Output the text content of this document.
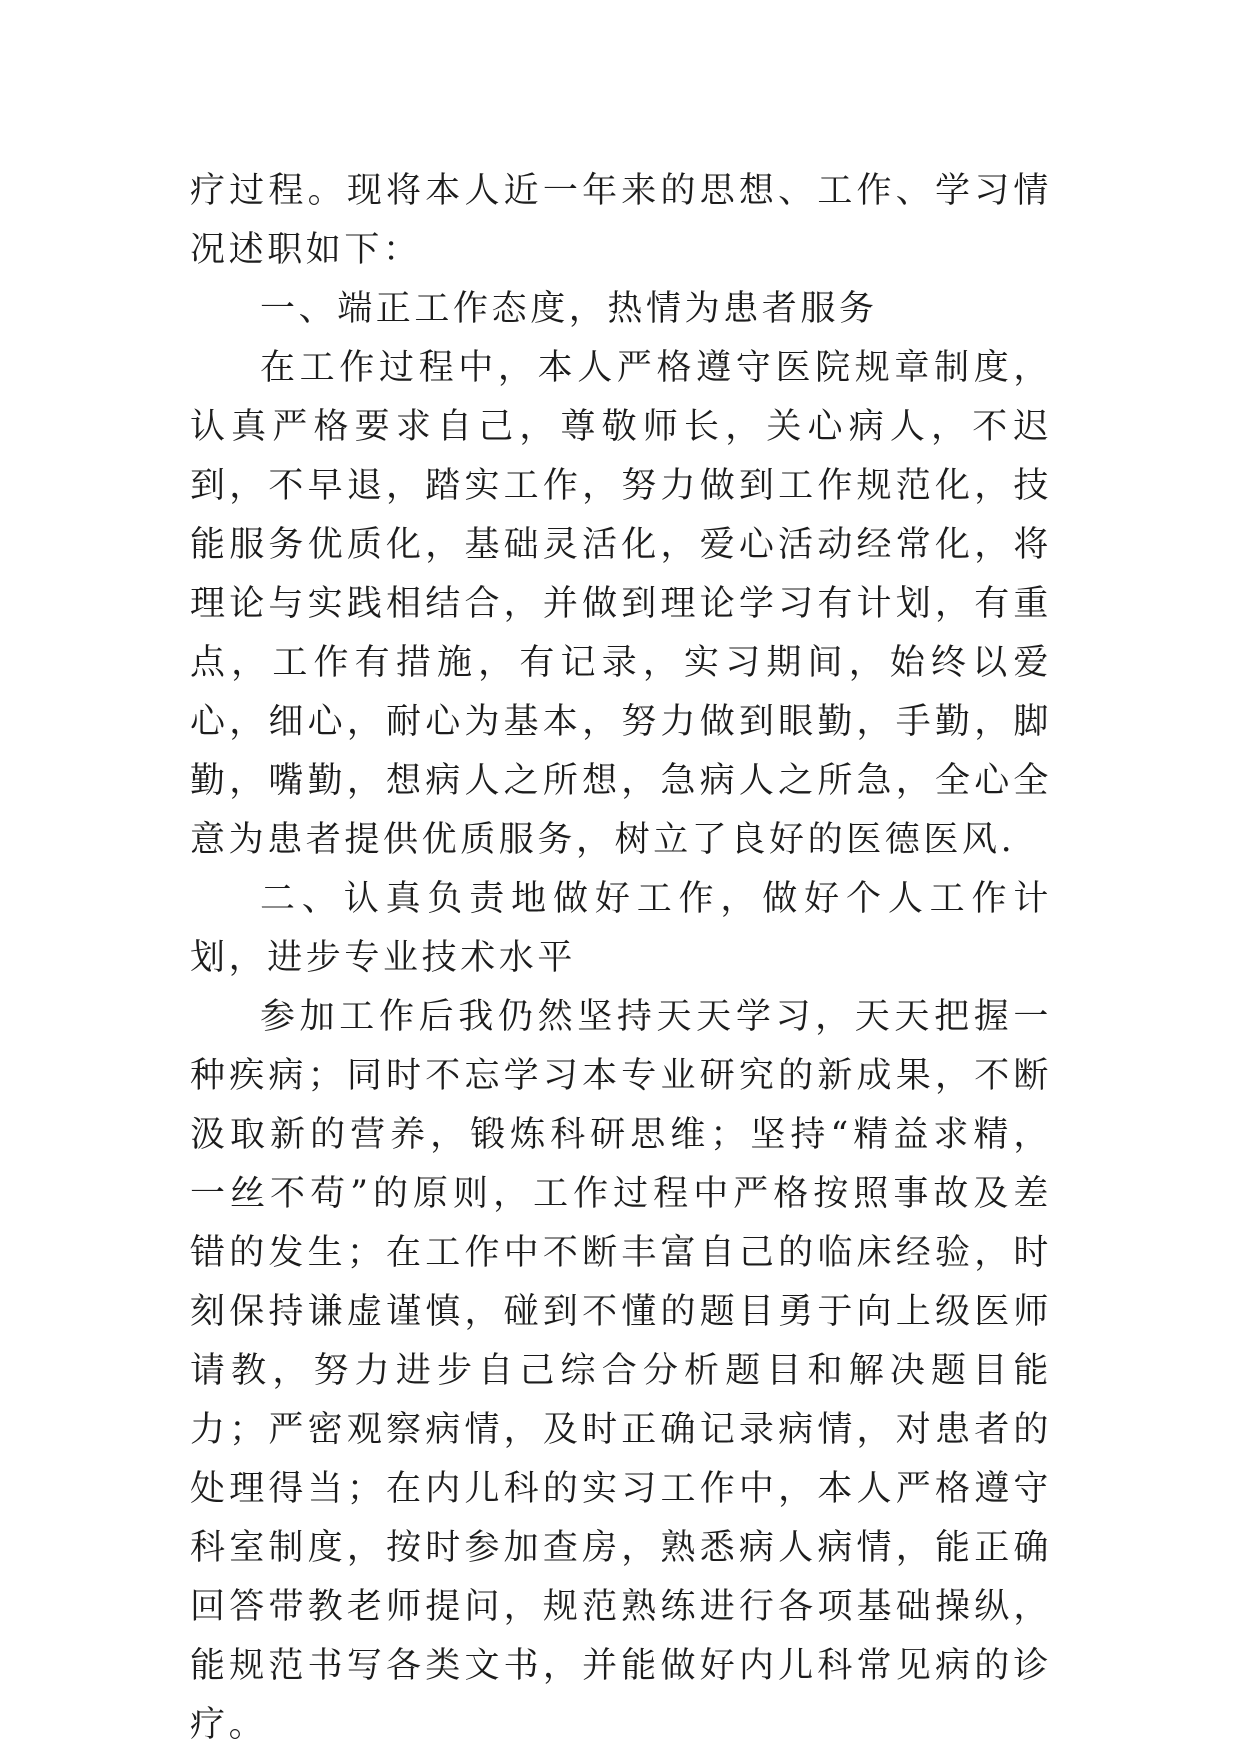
疗过程。现将本人近一年来的思想、工作、学习情况述职如下：

一、端正工作态度，热情为患者服务

在工作过程中，本人严格遵守医院规章制度，认真严格要求自己，尊敬师长，关心病人，不迟到，不早退，踏实工作，努力做到工作规范化，技能服务优质化，基础灵活化，爱心活动经常化，将理论与实践相结合，并做到理论学习有计划，有重点，工作有措施，有记录，实习期间，始终以爱心，细心，耐心为基本，努力做到眼勤，手勤，脚勤，嘴勤，想病人之所想，急病人之所急，全心全意为患者提供优质服务，树立了良好的医德医风.

二、认真负责地做好工作，做好个人工作计划，进步专业技术水平

参加工作后我仍然坚持天天学习，天天把握一种疾病；同时不忘学习本专业研究的新成果，不断汲取新的营养，锻炼科研思维；坚持“精益求精，一丝不苟”的原则，工作过程中严格按照事故及差错的发生；在工作中不断丰富自己的临床经验，时刻保持谦虚谨慎，碰到不懂的题目勇于向上级医师请教，努力进步自己综合分析题目和解决题目能力；严密观察病情，及时正确记录病情，对患者的处理得当；在内儿科的实习工作中，本人严格遵守科室制度，按时参加查房，熟悉病人病情，能正确回答带教老师提问，规范熟练进行各项基础操纵，能规范书写各类文书，并能做好内儿科常见病的诊疗。
